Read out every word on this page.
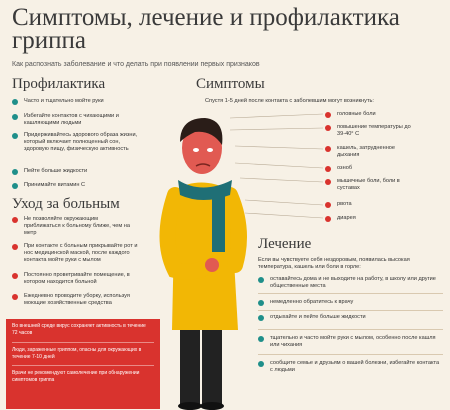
Симптомы, лечение и профилактика гриппа
Как распознать заболевание и что делать при появлении первых признаков
Профилактика
Часто и тщательно мойте руки
Избегайте контактов с чихающими и кашляющими людьми
Придерживайтесь здорового образа жизни, который включает полноценный сон, здоровую пищу, физическую активность
Пейте больше жидкости
Принимайте витамин С
Уход за больным
Не позволяйте окружающим приближаться к больному ближе, чем на метр
При контакте с больным прикрывайте рот и нос медицинской маской, после каждого контакта мойте руки с мылом
Постоянно проветривайте помещение, в котором находится больной
Ежедневно проводите уборку, используя моющие хозяйственные средства
Во внешней среде вирус сохраняет активность в течение 72 часов
Люди, зараженные гриппом, опасны для окружающих в течение 7-10 дней
Врачи не рекомендуют самолечение при обнаружении симптомов гриппа
Симптомы
Спустя 1-5 дней после контакта с заболевшим могут возникнуть:
головные боли
повышение температуры до 39-40° С
кашель, затрудненное дыхания
озноб
мышечные боли, боли в суставах
рвота
диарея
Лечение
Если вы чувствуете себя нездоровым, появилась высокая температура, кашель или боли в горле:
оставайтесь дома и не выходите на работу, в школу или другие общественные места
немедленно обратитесь к врачу
отдыхайте и пейте больше жидкости
тщательно и часто мойте руки с мылом, особенно после кашля или чихания
сообщите семье и друзьям о вашей болезни, избегайте контакта с людьми
